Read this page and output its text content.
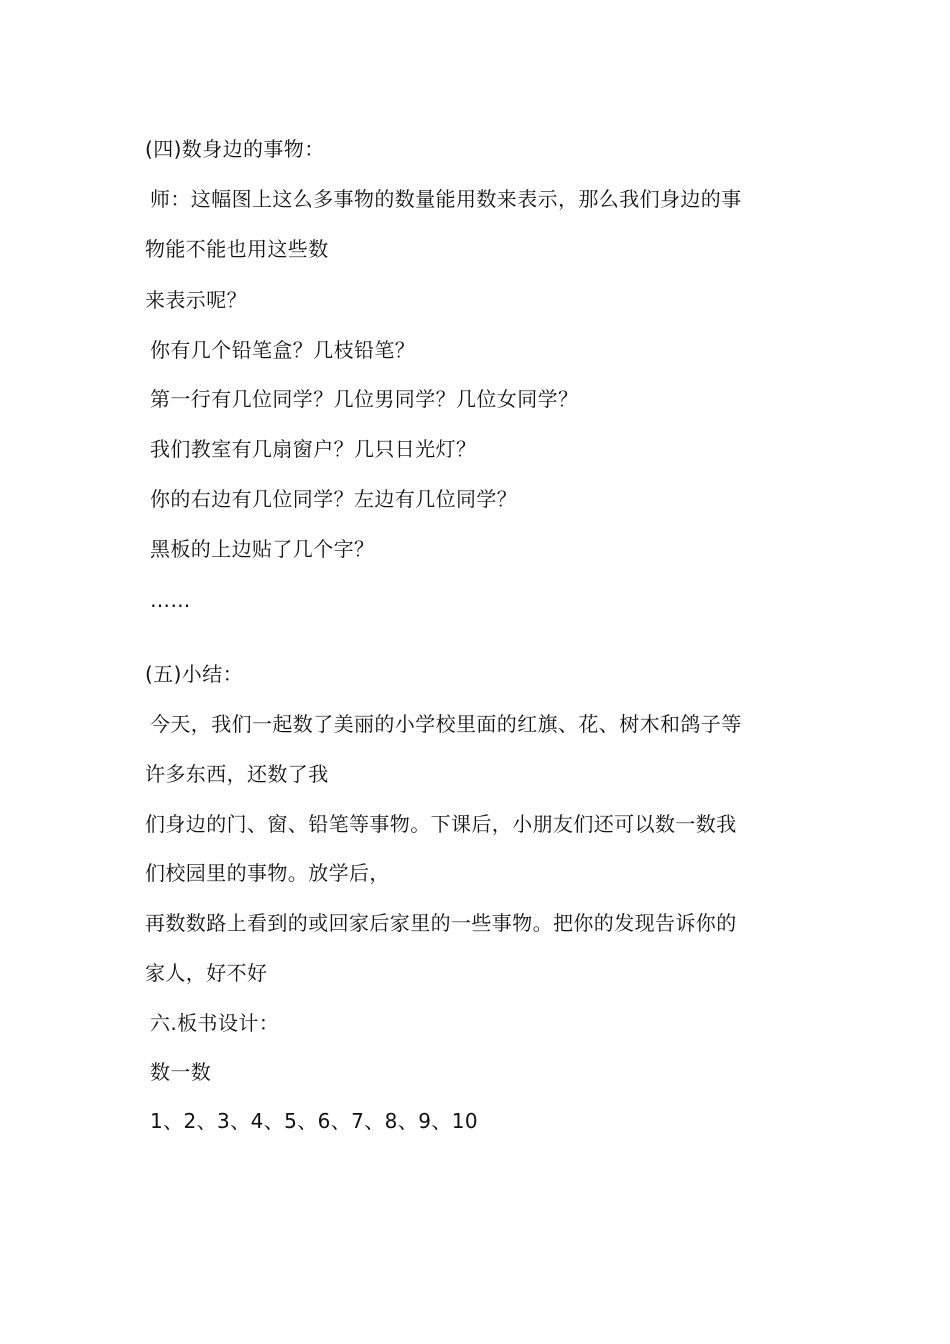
(四)数身边的事物：

师：这幅图上这么多事物的数量能用数来表示，那么我们身边的事

物能不能也用这些数

来表示呢？

你有几个铅笔盒？几枝铅笔？

第一行有几位同学？几位男同学？几位女同学？

我们教室有几扇窗户？几只日光灯？

你的右边有几位同学？左边有几位同学？

黑板的上边贴了几个字？

……

(五)小结：

今天，我们一起数了美丽的小学校里面的红旗、花、树木和鸽子等

许多东西，还数了我

们身边的门、窗、铅笔等事物。下课后，小朋友们还可以数一数我

们校园里的事物。放学后，

再数数路上看到的或回家后家里的一些事物。把你的发现告诉你的

家人，好不好

六.板书设计：

数一数

1、2、3、4、5、6、7、8、9、10
